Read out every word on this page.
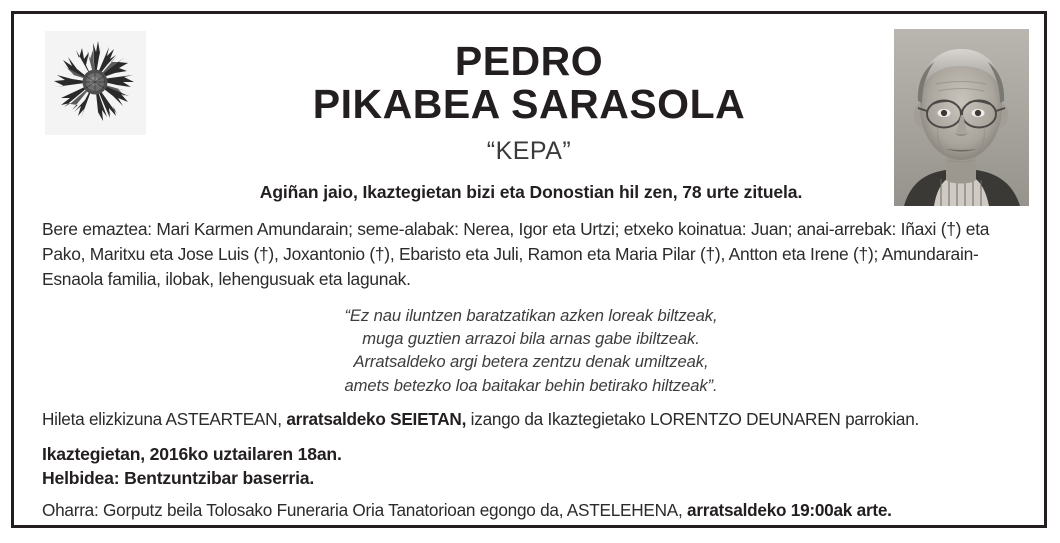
PEDRO
PIKABEA SARASOLA
“KEPA”
Agiñan jaio, Ikaztegietan bizi eta Donostian hil zen, 78 urte zituela.
Bere emaztea: Mari Karmen Amundarain; seme-alabak: Nerea, Igor eta Urtzi; etxeko koinatua: Juan; anai-arrebak: Iñaxi (†) eta Pako, Maritxu eta Jose Luis (†), Joxantonio (†), Ebaristo eta Juli, Ramon eta Maria Pilar (†), Antton eta Irene (†); Amundarain-Esnaola familia, ilobak, lehengusuak eta lagunak.
“Ez nau iluntzen baratzatikan azken loreak biltzeak,
muga guztien arrazoi bila arnas gabe ibiltzeak.
Arratsaldeko argi betera zentzu denak umiltzeak,
amets betezko loa baitakar behin betirako hiltzeak”.
Hileta elizkizuna ASTEARTEAN, arratsaldeko SEIETAN, izango da Ikaztegietako LORENTZO DEUNAREN parrokian.
Ikaztegietan, 2016ko uztailaren 18an.
Helbidea: Bentzuntzibar baserria.
Oharra: Gorputz beila Tolosako Funeraria Oria Tanatorioan egongo da, ASTELEHENA, arratsaldeko 19:00ak arte.
